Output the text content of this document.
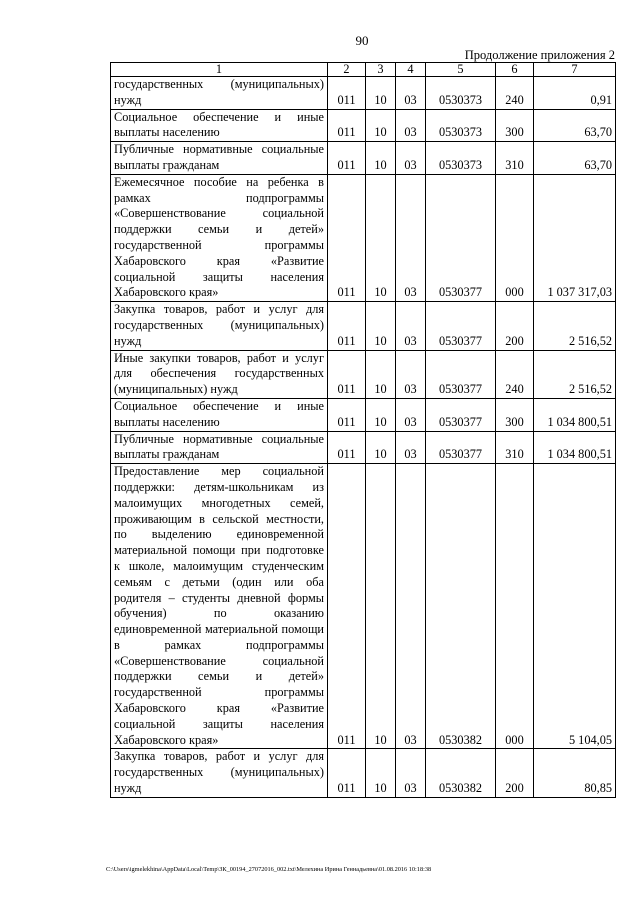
90
Продолжение приложения 2
1	2	3	4	5	6	7
государственных (муниципальных) нужд	011	10	03	0530373	240	0,91
Социальное обеспечение и иные выплаты населению	011	10	03	0530373	300	63,70
Публичные нормативные социальные выплаты гражданам	011	10	03	0530373	310	63,70
Ежемесячное пособие на ребенка в рамках подпрограммы «Совершенствование социальной поддержки семьи и детей» государственной программы Хабаровского края «Развитие социальной защиты населения Хабаровского края»	011	10	03	0530377	000	1 037 317,03
Закупка товаров, работ и услуг для государственных (муниципальных) нужд	011	10	03	0530377	200	2 516,52
Иные закупки товаров, работ и услуг для обеспечения государственных (муниципальных) нужд	011	10	03	0530377	240	2 516,52
Социальное обеспечение и иные выплаты населению	011	10	03	0530377	300	1 034 800,51
Публичные нормативные социальные выплаты гражданам	011	10	03	0530377	310	1 034 800,51
Предоставление мер социальной поддержки: детям-школьникам из малоимущих многодетных семей, проживающим в сельской местности, по выделению единовременной материальной помощи при подготовке к школе, малоимущим студенческим семьям с детьми (один или оба родителя – студенты дневной формы обучения) по оказанию единовременной материальной помощи в рамках подпрограммы «Совершенствование социальной поддержки семьи и детей» государственной программы Хабаровского края «Развитие социальной защиты населения Хабаровского края»	011	10	03	0530382	000	5 104,05
Закупка товаров, работ и услуг для государственных (муниципальных) нужд	011	10	03	0530382	200	80,85
C:\Users\igmelekhina\AppData\Local\Temp\ЗК_00194_27072016_002.txt\Мелехина Ирина Геннадьевна\01.08.2016 10:18:38
